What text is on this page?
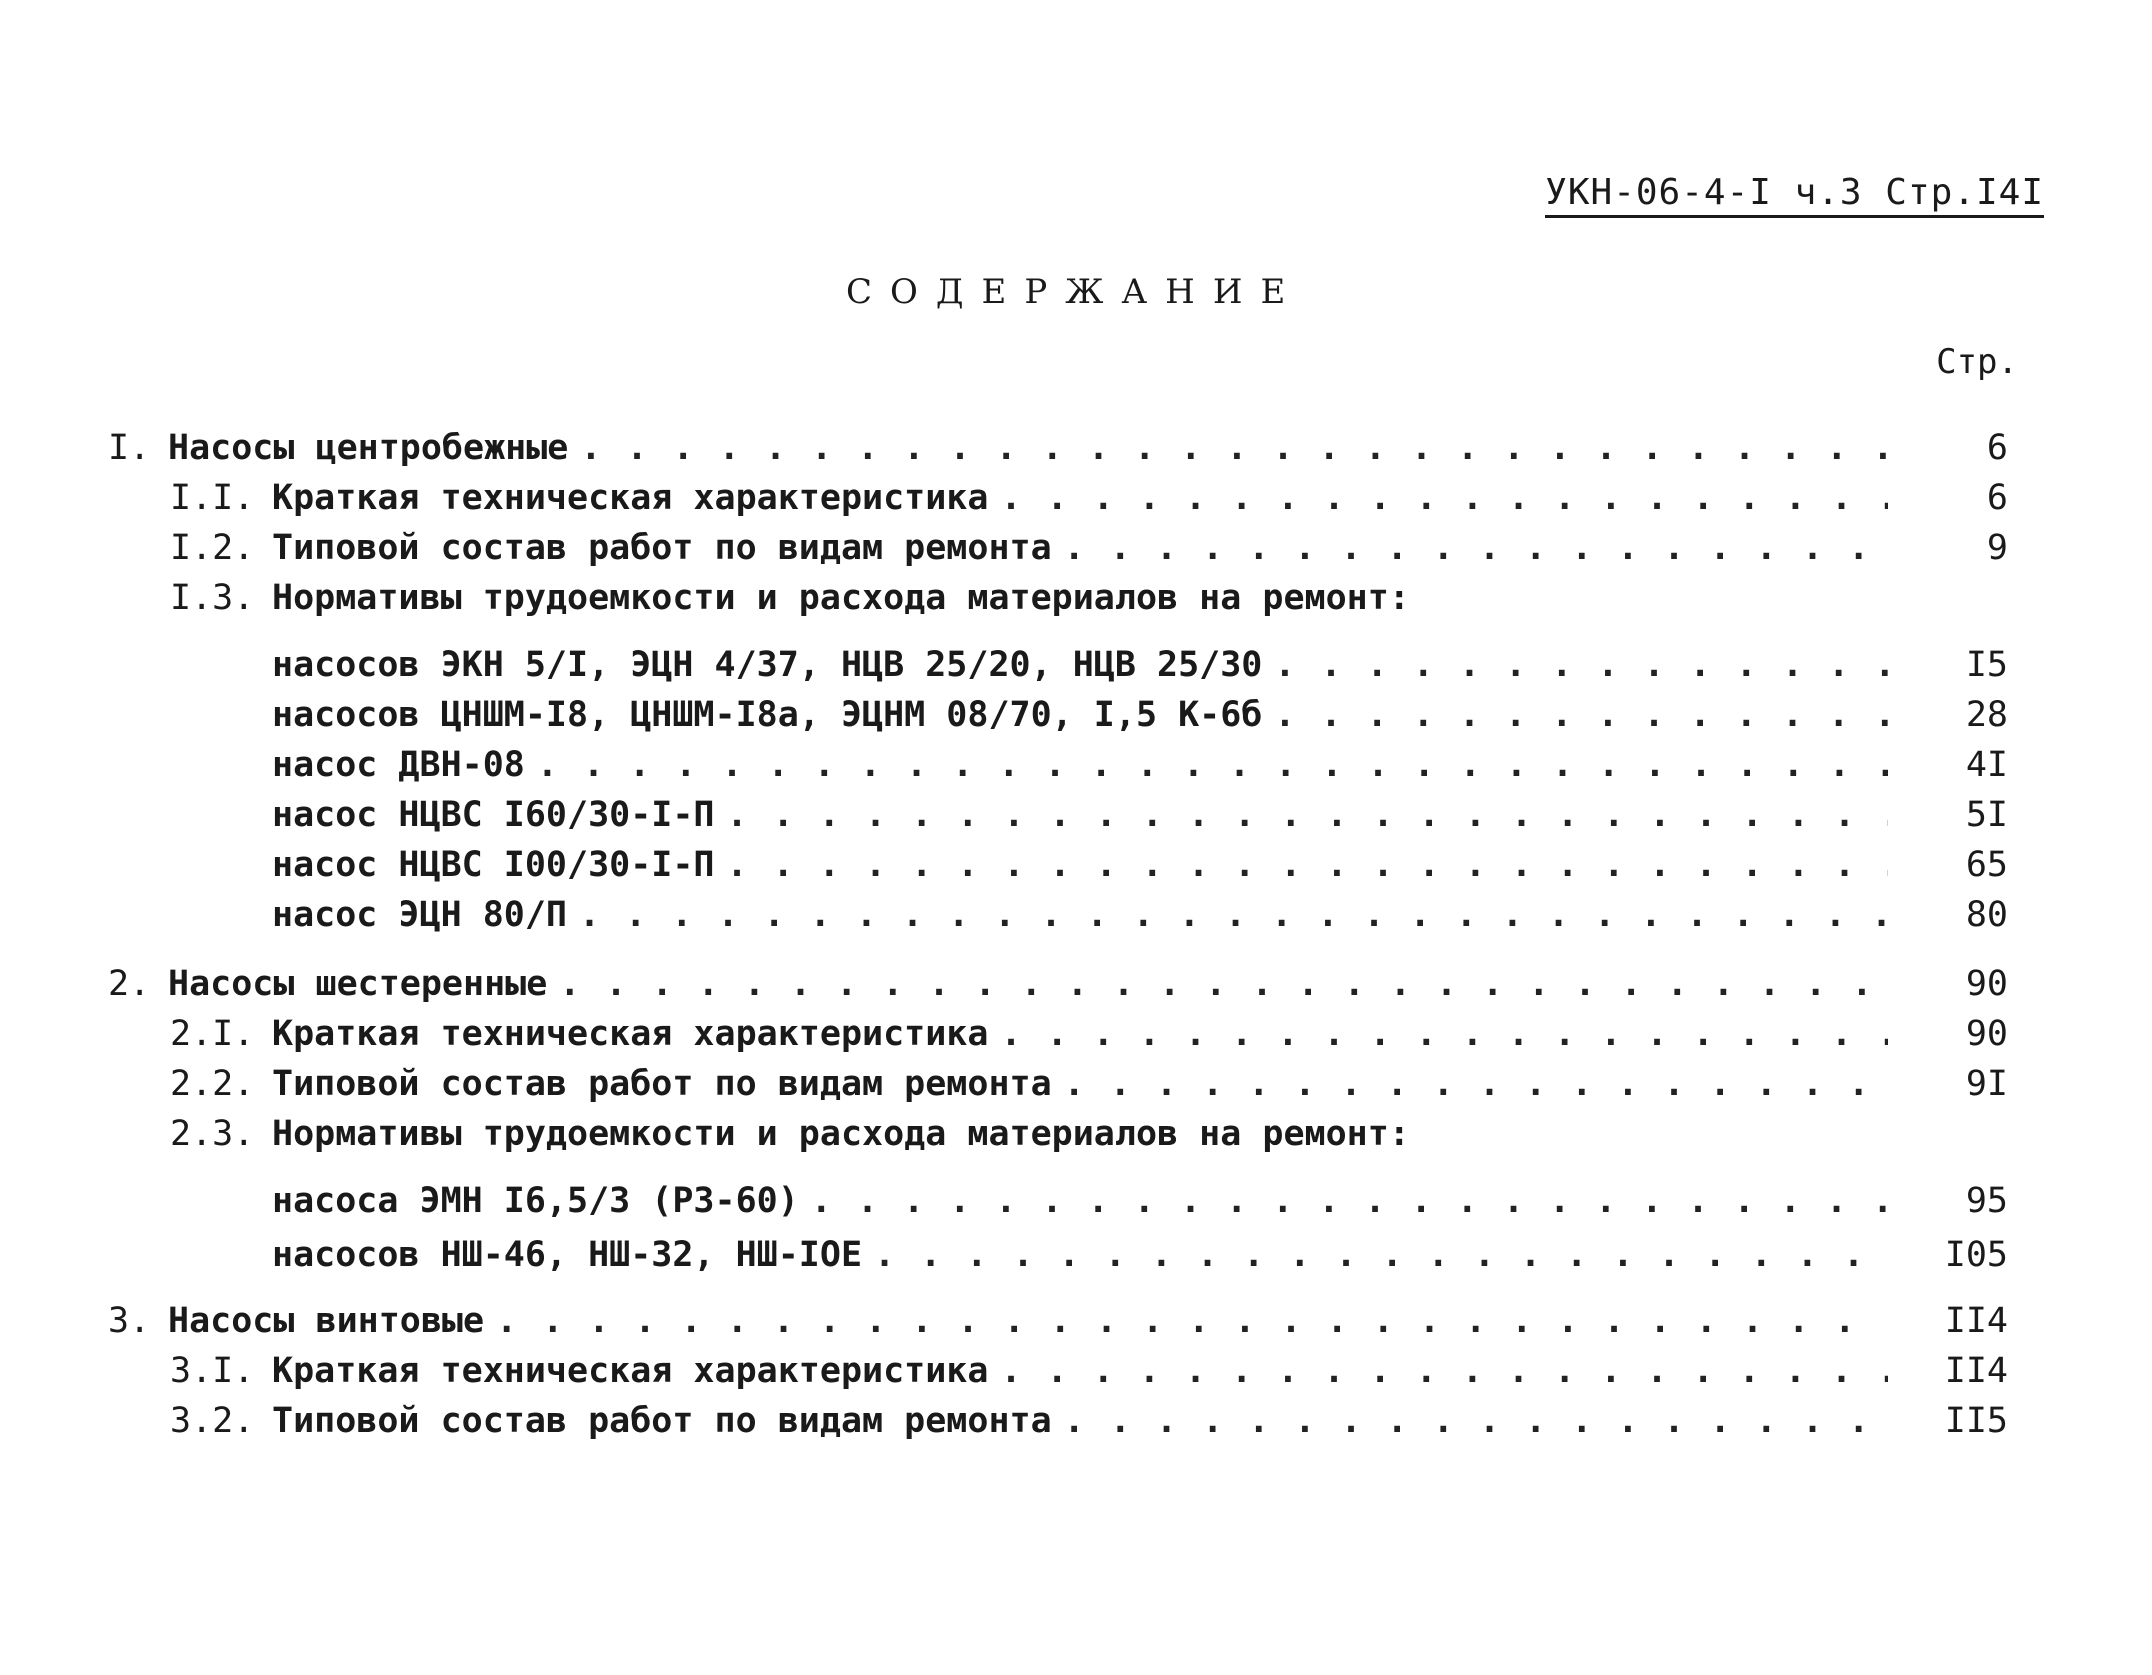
УКН-06-4-I ч.3 Стр.I4I
СОДЕРЖАНИЕ
Стр.
I. Насосы центробежные . . .	6
I.I. Краткая техническая характеристика . . .	6
I.2. Типовой состав работ по видам ремонта . . .	9
I.3. Нормативы трудоемкости и расхода материалов на ремонт:
насосов ЭКН 5/I, ЭЦН 4/37, НЦВ 25/20, НЦВ 25/30 . . .	I5
насосов ЦНШМ-I8, ЦНШМ-I8а, ЭЦНМ 08/70, I,5 К-6б . . .	28
насос ДВН-08 . . .	4I
насос НЦВС I60/30-I-П . . .	5I
насос НЦВС I00/30-I-П . . .	65
насос ЭЦН 80/П . . .	80
2. Насосы шестеренные . . .	90
2.I. Краткая техническая характеристика . . .	90
2.2. Типовой состав работ по видам ремонта . . .	9I
2.3. Нормативы трудоемкости и расхода материалов на ремонт:
насоса ЭМН I6,5/3 (РЗ-60) . . .	95
насосов НШ-46, НШ-32, НШ-IOE . . .	I05
3. Насосы винтовые . . .	II4
3.I. Краткая техническая характеристика . . .	II4
3.2. Типовой состав работ по видам ремонта . . .	II5
